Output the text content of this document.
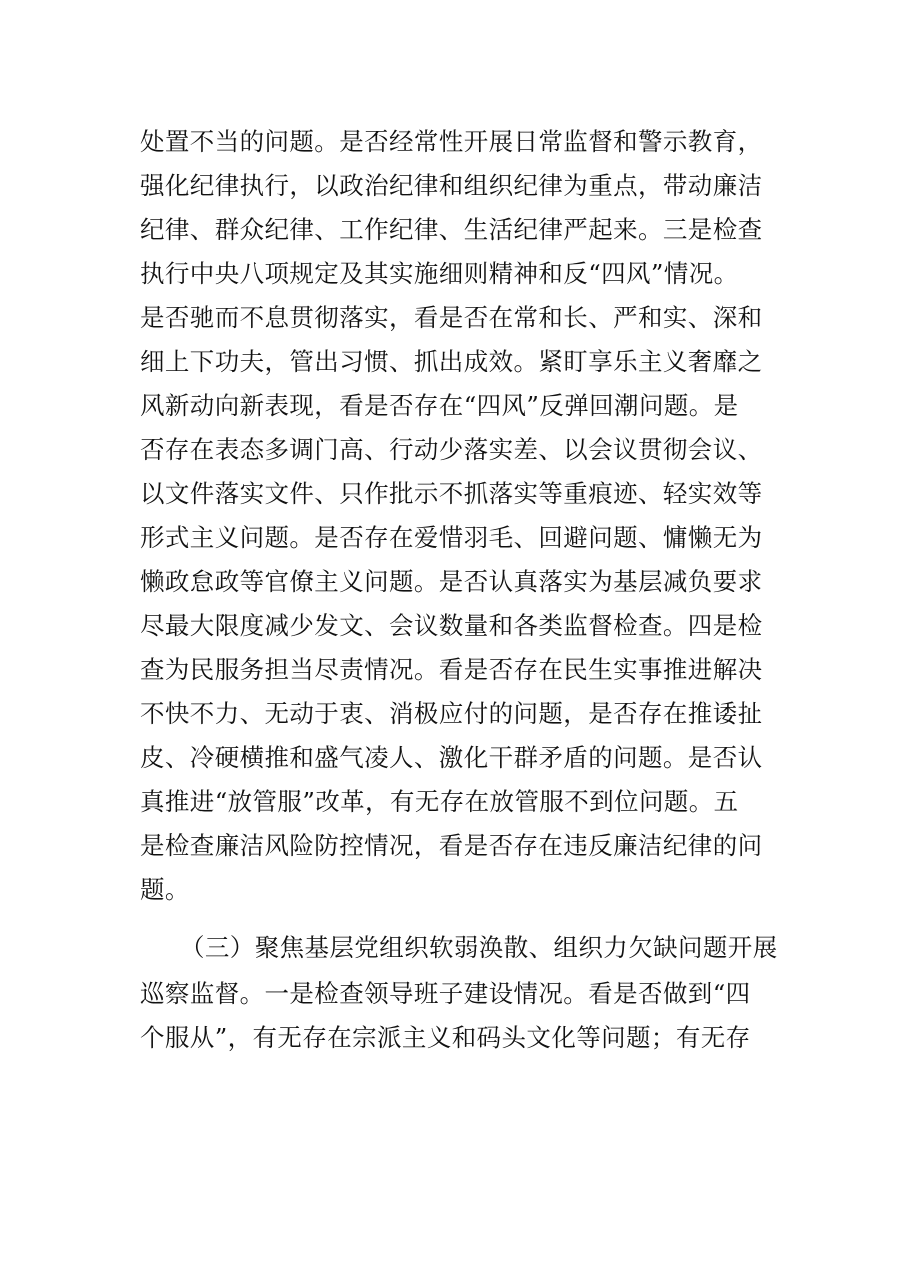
处置不当的问题。是否经常性开展日常监督和警示教育，
强化纪律执行，以政治纪律和组织纪律为重点，带动廉洁
纪律、群众纪律、工作纪律、生活纪律严起来。三是检查
执行中央八项规定及其实施细则精神和反“四风”情况。
是否驰而不息贯彻落实，看是否在常和长、严和实、深和
细上下功夫，管出习惯、抓出成效。紧盯享乐主义奢靡之
风新动向新表现，看是否存在“四风”反弹回潮问题。是
否存在表态多调门高、行动少落实差、以会议贯彻会议、
以文件落实文件、只作批示不抓落实等重痕迹、轻实效等
形式主义问题。是否存在爱惜羽毛、回避问题、慵懒无为
懒政怠政等官僚主义问题。是否认真落实为基层减负要求
尽最大限度减少发文、会议数量和各类监督检查。四是检
查为民服务担当尽责情况。看是否存在民生实事推进解决
不快不力、无动于衷、消极应付的问题，是否存在推诿扯
皮、冷硬横推和盛气凌人、激化干群矛盾的问题。是否认
真推进“放管服”改革，有无存在放管服不到位问题。五
是检查廉洁风险防控情况，看是否存在违反廉洁纪律的问
题。
（三）聚焦基层党组织软弱涣散、组织力欠缺问题开展
巡察监督。一是检查领导班子建设情况。看是否做到“四
个服从”，有无存在宗派主义和码头文化等问题；有无存
